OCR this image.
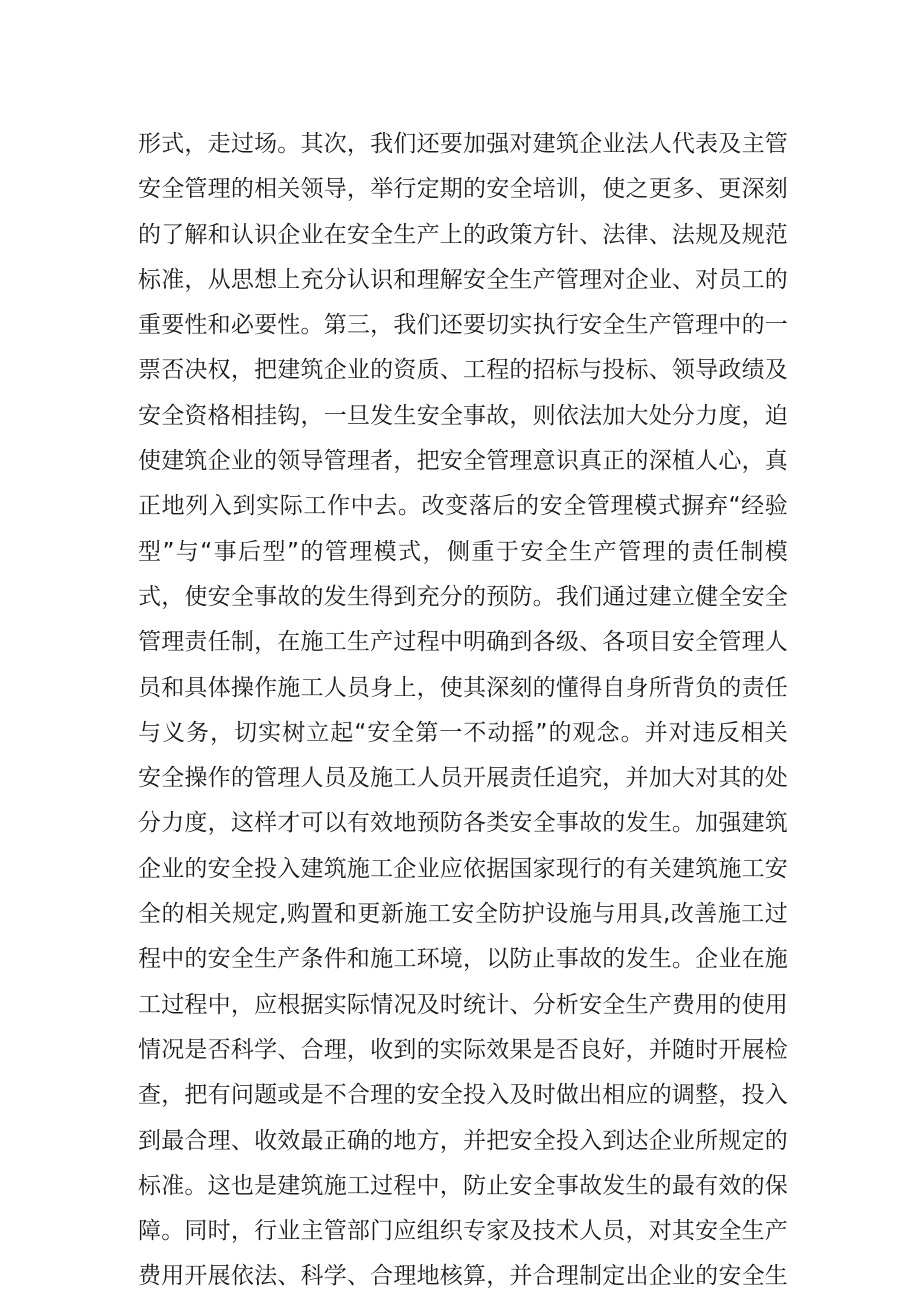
形式，走过场。其次，我们还要加强对建筑企业法人代表及主管
安全管理的相关领导，举行定期的安全培训，使之更多、更深刻
的了解和认识企业在安全生产上的政策方针、法律、法规及规范
标准，从思想上充分认识和理解安全生产管理对企业、对员工的
重要性和必要性。第三，我们还要切实执行安全生产管理中的一
票否决权，把建筑企业的资质、工程的招标与投标、领导政绩及
安全资格相挂钩，一旦发生安全事故，则依法加大处分力度，迫
使建筑企业的领导管理者，把安全管理意识真正的深植人心，真
正地列入到实际工作中去。改变落后的安全管理模式摒弃“经验
型”与“事后型”的管理模式，侧重于安全生产管理的责任制模
式，使安全事故的发生得到充分的预防。我们通过建立健全安全
管理责任制，在施工生产过程中明确到各级、各项目安全管理人
员和具体操作施工人员身上，使其深刻的懂得自身所背负的责任
与义务，切实树立起“安全第一不动摇”的观念。并对违反相关
安全操作的管理人员及施工人员开展责任追究，并加大对其的处
分力度，这样才可以有效地预防各类安全事故的发生。加强建筑
企业的安全投入建筑施工企业应依据国家现行的有关建筑施工安
全的相关规定,购置和更新施工安全防护设施与用具,改善施工过
程中的安全生产条件和施工环境，以防止事故的发生。企业在施
工过程中，应根据实际情况及时统计、分析安全生产费用的使用
情况是否科学、合理，收到的实际效果是否良好，并随时开展检
查，把有问题或是不合理的安全投入及时做出相应的调整，投入
到最合理、收效最正确的地方，并把安全投入到达企业所规定的
标准。这也是建筑施工过程中，防止安全事故发生的最有效的保
障。同时，行业主管部门应组织专家及技术人员，对其安全生产
费用开展依法、科学、合理地核算，并合理制定出企业的安全生
